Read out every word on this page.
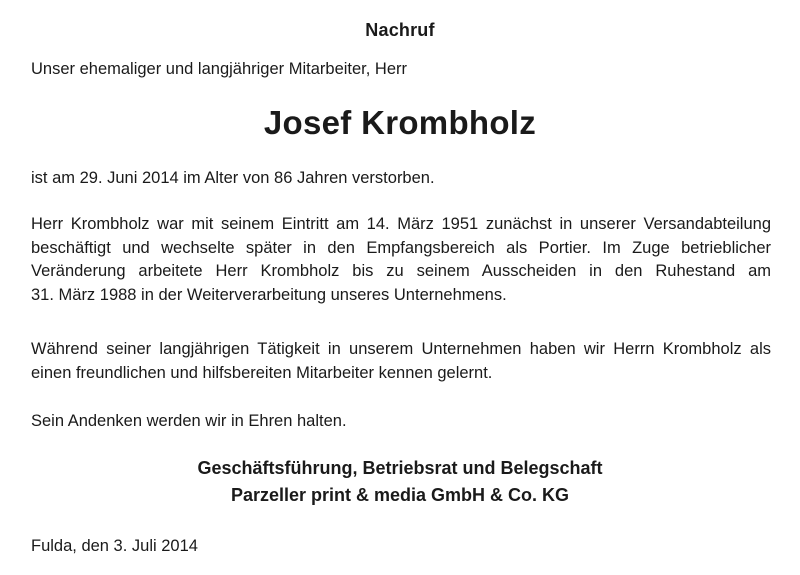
Nachruf
Unser ehemaliger und langjähriger Mitarbeiter, Herr
Josef Krombholz
ist am 29. Juni 2014 im Alter von 86 Jahren verstorben.
Herr Krombholz war mit seinem Eintritt am 14. März 1951 zunächst in unserer Versandabteilung
beschäftigt und wechselte später in den Empfangsbereich als Portier. Im Zuge betrieblicher
Veränderung arbeitete Herr Krombholz bis zu seinem Ausscheiden in den Ruhestand am
31. März 1988 in der Weiterverarbeitung unseres Unternehmens.
Während seiner langjährigen Tätigkeit in unserem Unternehmen haben wir Herrn Krombholz als
einen freundlichen und hilfsbereiten Mitarbeiter kennen gelernt.
Sein Andenken werden wir in Ehren halten.
Geschäftsführung, Betriebsrat und Belegschaft
Parzeller print & media GmbH & Co. KG
Fulda, den 3. Juli 2014
